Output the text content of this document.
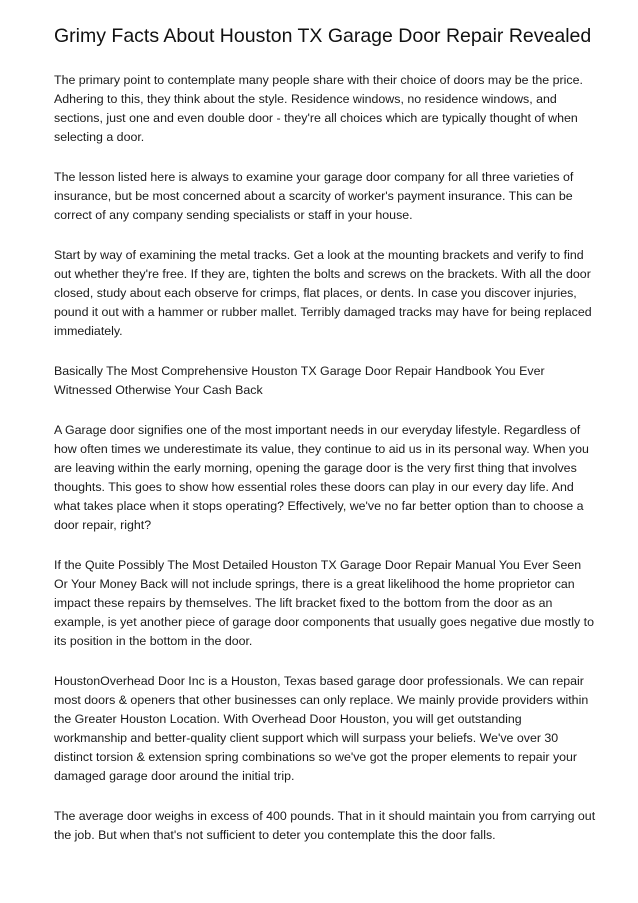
Grimy Facts About Houston TX Garage Door Repair Revealed

The primary point to contemplate many people share with their choice of doors may be the price. Adhering to this, they think about the style. Residence windows, no residence windows, and sections, just one and even double door - they're all choices which are typically thought of when selecting a door.

The lesson listed here is always to examine your garage door company for all three varieties of insurance, but be most concerned about a scarcity of worker's payment insurance. This can be correct of any company sending specialists or staff in your house.

Start by way of examining the metal tracks. Get a look at the mounting brackets and verify to find out whether they're free. If they are, tighten the bolts and screws on the brackets. With all the door closed, study about each observe for crimps, flat places, or dents. In case you discover injuries, pound it out with a hammer or rubber mallet. Terribly damaged tracks may have for being replaced immediately.

Basically The Most Comprehensive Houston TX Garage Door Repair Handbook You Ever Witnessed Otherwise Your Cash Back

A Garage door signifies one of the most important needs in our everyday lifestyle. Regardless of how often times we underestimate its value, they continue to aid us in its personal way. When you are leaving within the early morning, opening the garage door is the very first thing that involves thoughts. This goes to show how essential roles these doors can play in our every day life. And what takes place when it stops operating? Effectively, we've no far better option than to choose a door repair, right?

If the Quite Possibly The Most Detailed Houston TX Garage Door Repair Manual You Ever Seen Or Your Money Back will not include springs, there is a great likelihood the home proprietor can impact these repairs by themselves. The lift bracket fixed to the bottom from the door as an example, is yet another piece of garage door components that usually goes negative due mostly to its position in the bottom in the door.

HoustonOverhead Door Inc is a Houston, Texas based garage door professionals. We can repair most doors & openers that other businesses can only replace. We mainly provide providers within the Greater Houston Location. With Overhead Door Houston, you will get outstanding workmanship and better-quality client support which will surpass your beliefs. We've over 30 distinct torsion & extension spring combinations so we've got the proper elements to repair your damaged garage door around the initial trip.

The average door weighs in excess of 400 pounds. That in it should maintain you from carrying out the job. But when that's not sufficient to deter you contemplate this the door falls.
